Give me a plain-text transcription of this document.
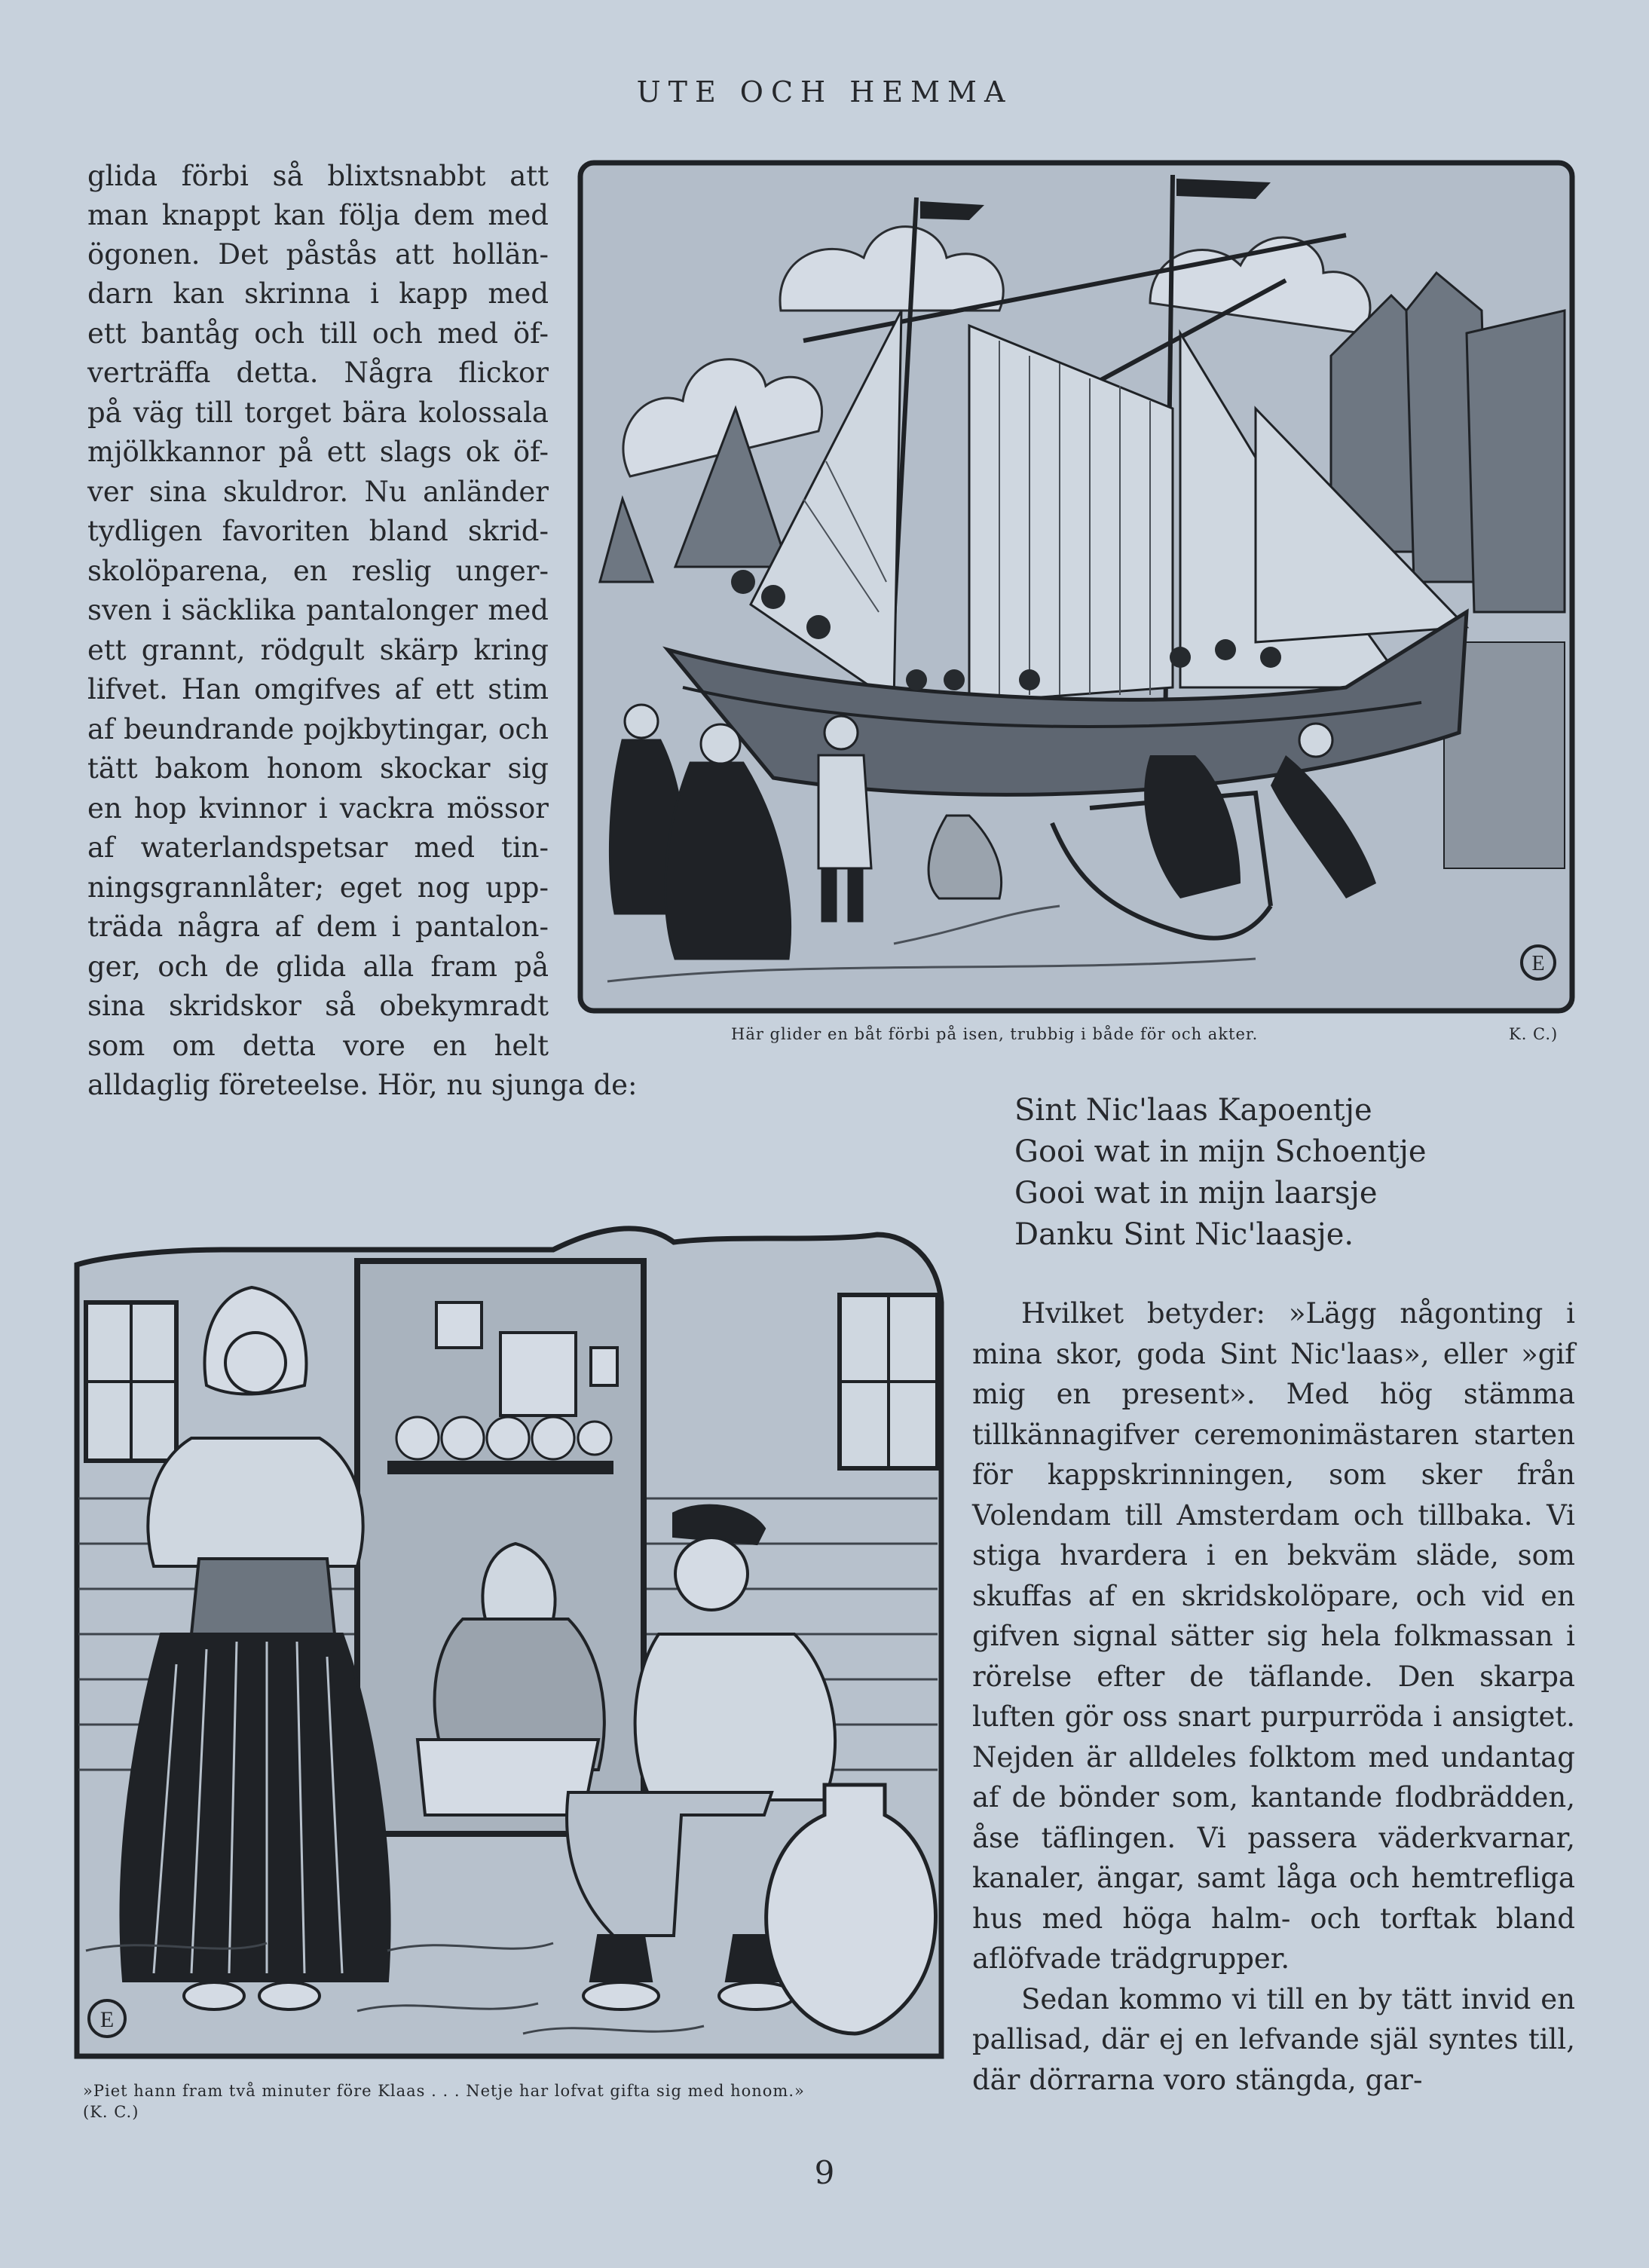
UTE OCH HEMMA

glida förbi så blixtsnabbt att

man knappt kan följa dem med

ögonen. Det påstås att hollän-

darn kan skrinna i kapp med

ett bantåg och till och med öf-

verträffa detta. Några flickor

på väg till torget bära kolossala

mjölkkannor på ett slags ok öf-

ver sina skuldror. Nu anländer

tydligen favoriten bland skrid-

skolöparena, en reslig unger-

sven i säcklika pantalonger med

ett grannt, rödgult skärp kring

lifvet. Han omgifves af ett stim

af beundrande pojkbytingar, och

tätt bakom honom skockar sig

en hop kvinnor i vackra mössor

af waterlandspetsar med tin-

ningsgrannlåter; eget nog upp-

träda några af dem i pantalon-

ger, och de glida alla fram på

sina skridskor så obekymradt

som om detta vore en helt

alldaglig företeelse. Hör, nu sjunga de:

E
Här glider en båt förbi på isen, trubbig i både för och akter.	K. C.)
Sint Nic'laas Kapoentje
Gooi wat in mijn Schoentje
Gooi wat in mijn laarsje
Danku Sint Nic'laasje.
E
»Piet hann fram två minuter före Klaas . . . Netje har lofvat gifta sig med honom.»
(K. C.)

Hvilket betyder: »Lägg någonting i mina skor, goda Sint Nic'laas», eller »gif mig en present». Med hög stämma tillkännagifver ceremonimästaren starten för kappskrinningen, som sker från Volendam till Amsterdam och tillbaka. Vi stiga hvardera i en bekväm släde, som skuffas af en skridskolöpare, och vid en gifven signal sätter sig hela folkmassan i rörelse efter de täflande. Den skarpa luften gör oss snart purpurröda i ansigtet. Nejden är alldeles folktom med undantag af de bönder som, kantande flodbrädden, åse täflingen. Vi passera väderkvarnar, kanaler, ängar, samt låga och hemtrefliga hus med höga halm- och torftak bland aflöfvade trädgrupper.

Sedan kommo vi till en by tätt invid en pallisad, där ej en lefvande själ syntes till, där dörrarna voro stängda, gar-

9
